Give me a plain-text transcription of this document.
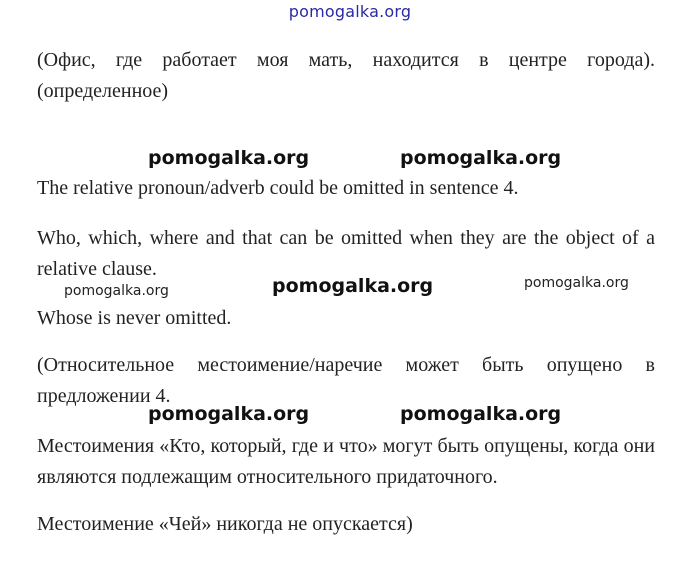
pomogalka.org

(Офис, где работает моя мать, находится в центре города). (определенное)

pomogalka.org	pomogalka.org

The relative pronoun/adverb could be omitted in sentence 4.

Who, which, where and that can be omitted when they are the object of a relative clause.

pomogalka.org	pomogalka.org	pomogalka.org

Whose is never omitted.

(Относительное местоимение/наречие может быть опущено в предложении 4.

pomogalka.org	pomogalka.org

Местоимения «Кто, который, где и что» могут быть опущены, когда они являются подлежащим относительного придаточного.

Местоимение «Чей» никогда не опускается)
